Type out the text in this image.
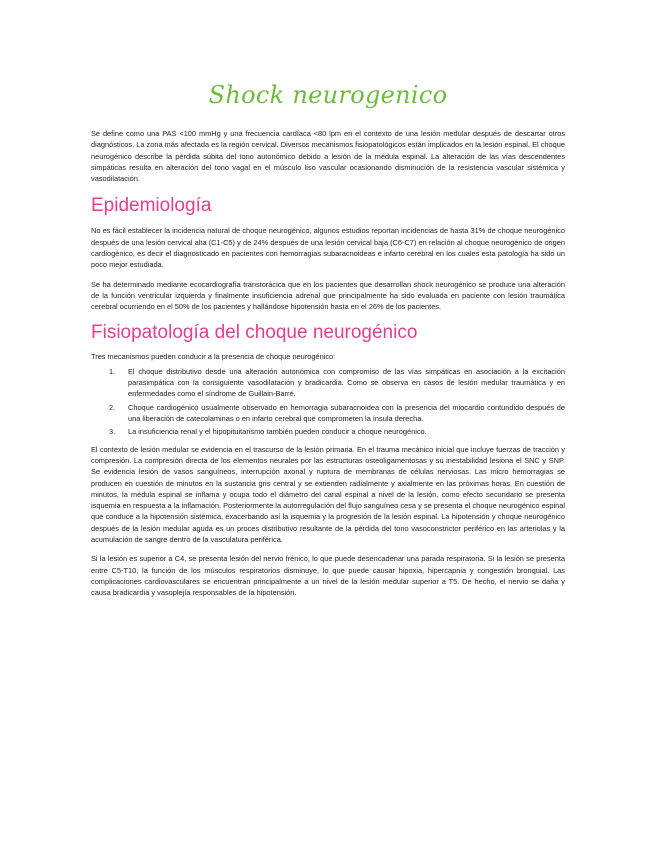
Shock neurogenico

Se define como una PAS <100 mmHg y una frecuencia cardíaca <80 lpm en el contexto de una lesión medular después de descartar otros diagnósticos. La zona más afectada es la región cervical. Diversos mecanismos fisiopatológicos están implicados en la lesión espinal. El choque neurogénico describe la pérdida súbita del tono autonómico debido a lesión de la médula espinal. La alteración de las vías descendentes simpáticas resulta en alteración del tono vagal en el músculo liso vascular ocasionando disminución de la resistencia vascular sistémica y vasodilatación.

Epidemiología

No es fácil establecer la incidencia natural de choque neurogénico, algunos estudios reportan incidencias de hasta 31% de choque neurogénico después de una lesión cervical alta (C1-C5) y de 24% después de una lesión cervical baja (C6-C7) en relación al choque neurogénico de origen cardiogénico, es decir el diagnosticado en pacientes con hemorragias subaracnoideas e infarto cerebral en los cuales esta patología ha sido un poco mejor estudiada.

Se ha determinado mediante ecocardiografía transtorácica que en los pacientes que desarrollan shock neurogénico se produce una alteración de la función ventricular izquierda y finalmente insuficiencia adrenal que principalmente ha sido evaluada en paciente con lesión traumática cerebral ocurriendo en el 50% de los pacientes y hallándose hipotensión hasta en el 26% de los pacientes.

Fisiopatología del choque neurogénico

Tres mecanismos pueden conducir a la presencia de choque neurogénico:

1. El choque distributivo desde una alteración autonómica con compromiso de las vías simpáticas en asociación a la excitación parasimpática con la consiguiente vasodilatación y bradicardia. Como se observa en casos de lesión medular traumática y en enfermedades como el síndrome de Guillain-Barré.
2. Choque cardiogénico usualmente observado en hemorragia subaracnoidea con la presencia del miocardio contundido después de una liberación de catecolaminas o en infarto cerebral que comprometen la ínsula derecha.
3. La insuficiencia renal y el hipopituitarismo también pueden conducir a choque neurogénico.

El contexto de lesión medular se evidencia en el trascurso de la lesión primaria. En el trauma mecánico inicial que incluye fuerzas de tracción y compresión. La compresión directa de los elementos neurales por las estructuras osteoligamentosas y su inestabilidad lesiona el SNC y SNP. Se evidencia lesión de vasos sanguíneos, interrupción axonal y ruptura de membranas de células nerviosas. Las micro hemorragias se producen en cuestión de minutos en la sustancia gris central y se extienden radialmente y axialmente en las próximas horas. En cuestión de minutos, la médula espinal se inflama y ocupa todo el diámetro del canal espinal a nivel de la lesión, como efecto secundario se presenta isquemia en respuesta a la inflamación. Posteriormente la autorregulación del flujo sanguíneo cesa y se presenta el choque neurogénico espinal que conduce a la hipotensión sistémica, exacerbando así la isquemia y la progresión de la lesión espinal. La hipotensión y choque neurogénico después de la lesión medular aguda es un proces distributivo resultante de la pérdida del tono vasoconstrictor periférico en las arteriolas y la acumulación de sangre dentro de la vasculatura periférica.

Si la lesión es superior a C4, se presenta lesión del nervio frénico, lo que puede desencadenar una parada respiratoria. Si la lesión se presenta entre C5-T10, la función de los músculos respiratorios disminuye, lo que puede causar hipoxia, hipercapnia y congestión bronquial. Las complicaciones cardiovasculares se encuentran principalmente a un nivel de la lesión medular superior a T5. De hecho, el nervio se daña y causa bradicardia y vasoplejía responsables de la hipotensión.
